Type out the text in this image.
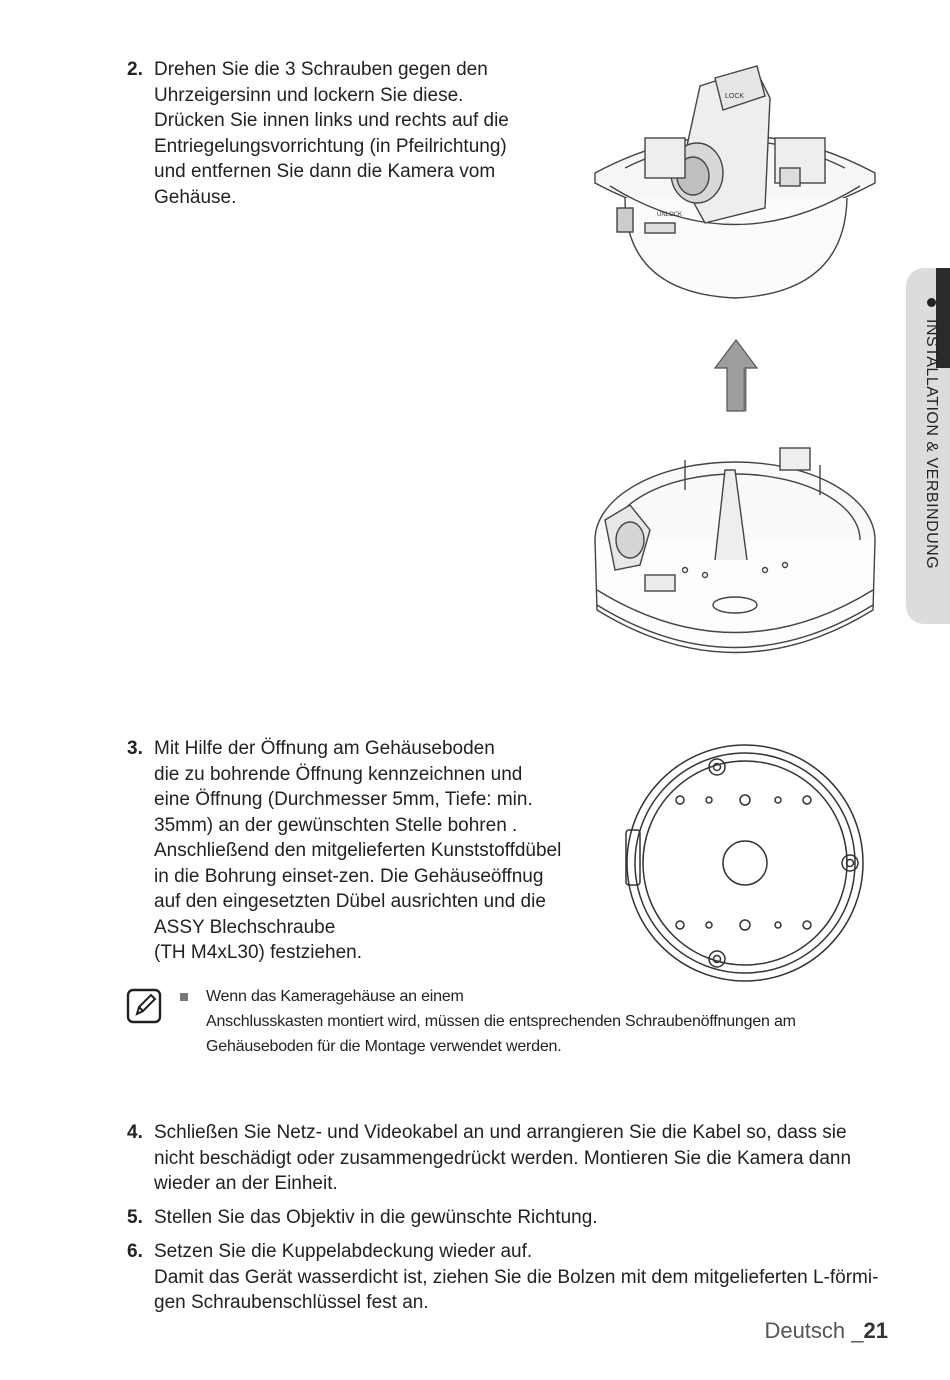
2. Drehen Sie die 3 Schrauben gegen den
Uhrzeigersinn und lockern Sie diese.
Drücken Sie innen links und rechts auf die
Entriegelungsvorrichtung (in Pfeilrichtung)
und entfernen Sie dann die Kamera vom
Gehäuse.

LOCK
UNLOCK
3. Mit Hilfe der Öffnung am Gehäuseboden
die zu bohrende Öffnung kennzeichnen und
eine Öffnung (Durchmesser 5mm, Tiefe: min.
35mm) an der gewünschten Stelle bohren .
Anschließend den mitgelieferten Kunststoffdübel
in die Bohrung einset-zen. Die Gehäuseöffnug
auf den eingesetzten Dübel ausrichten und die
ASSY Blechschraube
(TH M4xL30) festziehen.

Wenn das Kameragehäuse an einem
Anschlusskasten montiert wird, müssen die entsprechenden Schraubenöffnungen am
Gehäuseboden für die Montage verwendet werden.
4. Schließen Sie Netz- und Videokabel an und arrangieren Sie die Kabel so, dass sie
nicht beschädigt oder zusammengedrückt werden. Montieren Sie die Kamera dann
wieder an der Einheit.

5. Stellen Sie das Objektiv in die gewünschte Richtung.

6. Setzen Sie die Kuppelabdeckung wieder auf.
Damit das Gerät wasserdicht ist, ziehen Sie die Bolzen mit dem mitgelieferten L-förmi-
gen Schraubenschlüssel fest an.

INSTALLATION & VERBINDUNG
Deutsch _21
